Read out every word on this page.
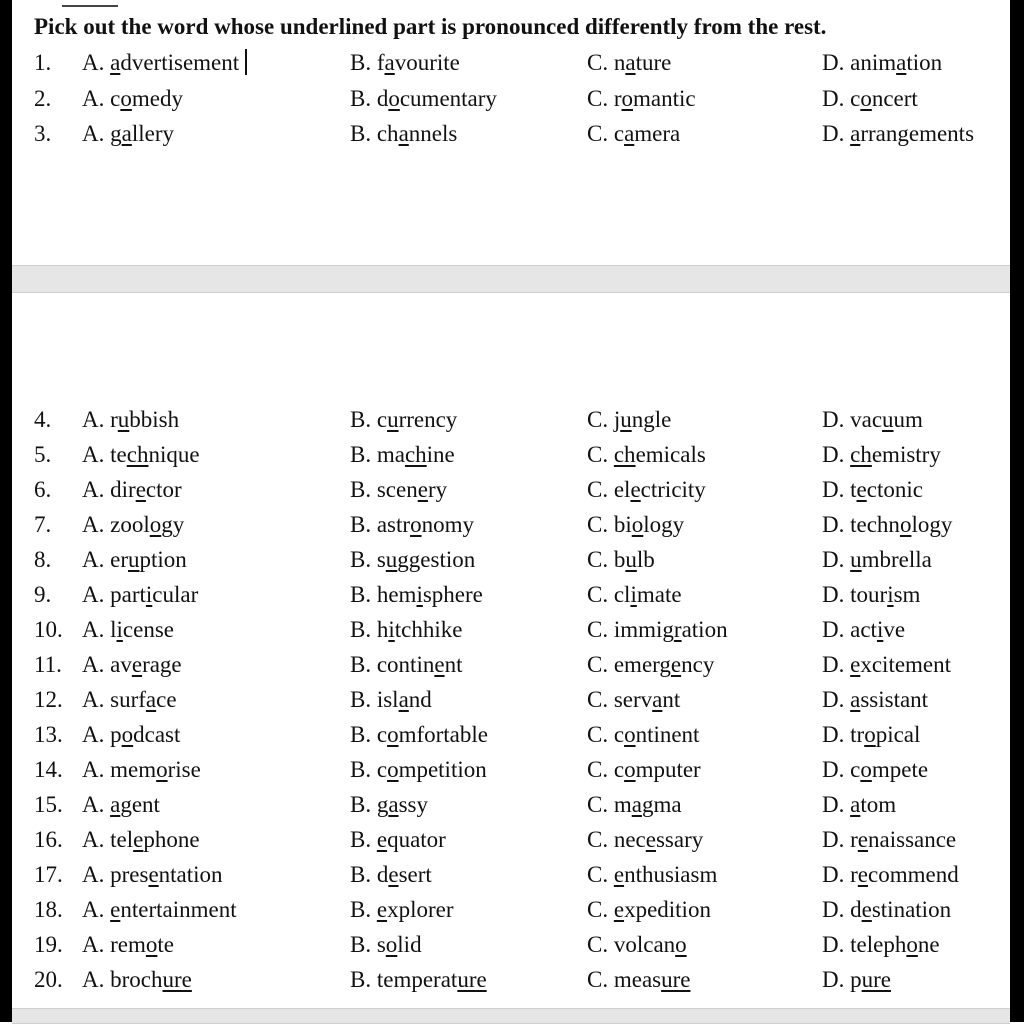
Pick out the word whose underlined part is pronounced differently from the rest.
1. A. advertisement	B. favourite	C. nature	D. animation
2. A. comedy	B. documentary	C. romantic	D. concert
3. A. gallery	B. channels	C. camera	D. arrangements
4. A. rubbish	B. currency	C. jungle	D. vacuum
5. A. technique	B. machine	C. chemicals	D. chemistry
6. A. director	B. scenery	C. electricity	D. tectonic
7. A. zoology	B. astronomy	C. biology	D. technology
8. A. eruption	B. suggestion	C. bulb	D. umbrella
9. A. particular	B. hemisphere	C. climate	D. tourism
10. A. license	B. hitchhike	C. immigration	D. active
11. A. average	B. continent	C. emergency	D. excitement
12. A. surface	B. island	C. servant	D. assistant
13. A. podcast	B. comfortable	C. continent	D. tropical
14. A. memorise	B. competition	C. computer	D. compete
15. A. agent	B. gassy	C. magma	D. atom
16. A. telephone	B. equator	C. necessary	D. renaissance
17. A. presentation	B. desert	C. enthusiasm	D. recommend
18. A. entertainment	B. explorer	C. expedition	D. destination
19. A. remote	B. solid	C. volcano	D. telephone
20. A. brochure	B. temperature	C. measure	D. pure
